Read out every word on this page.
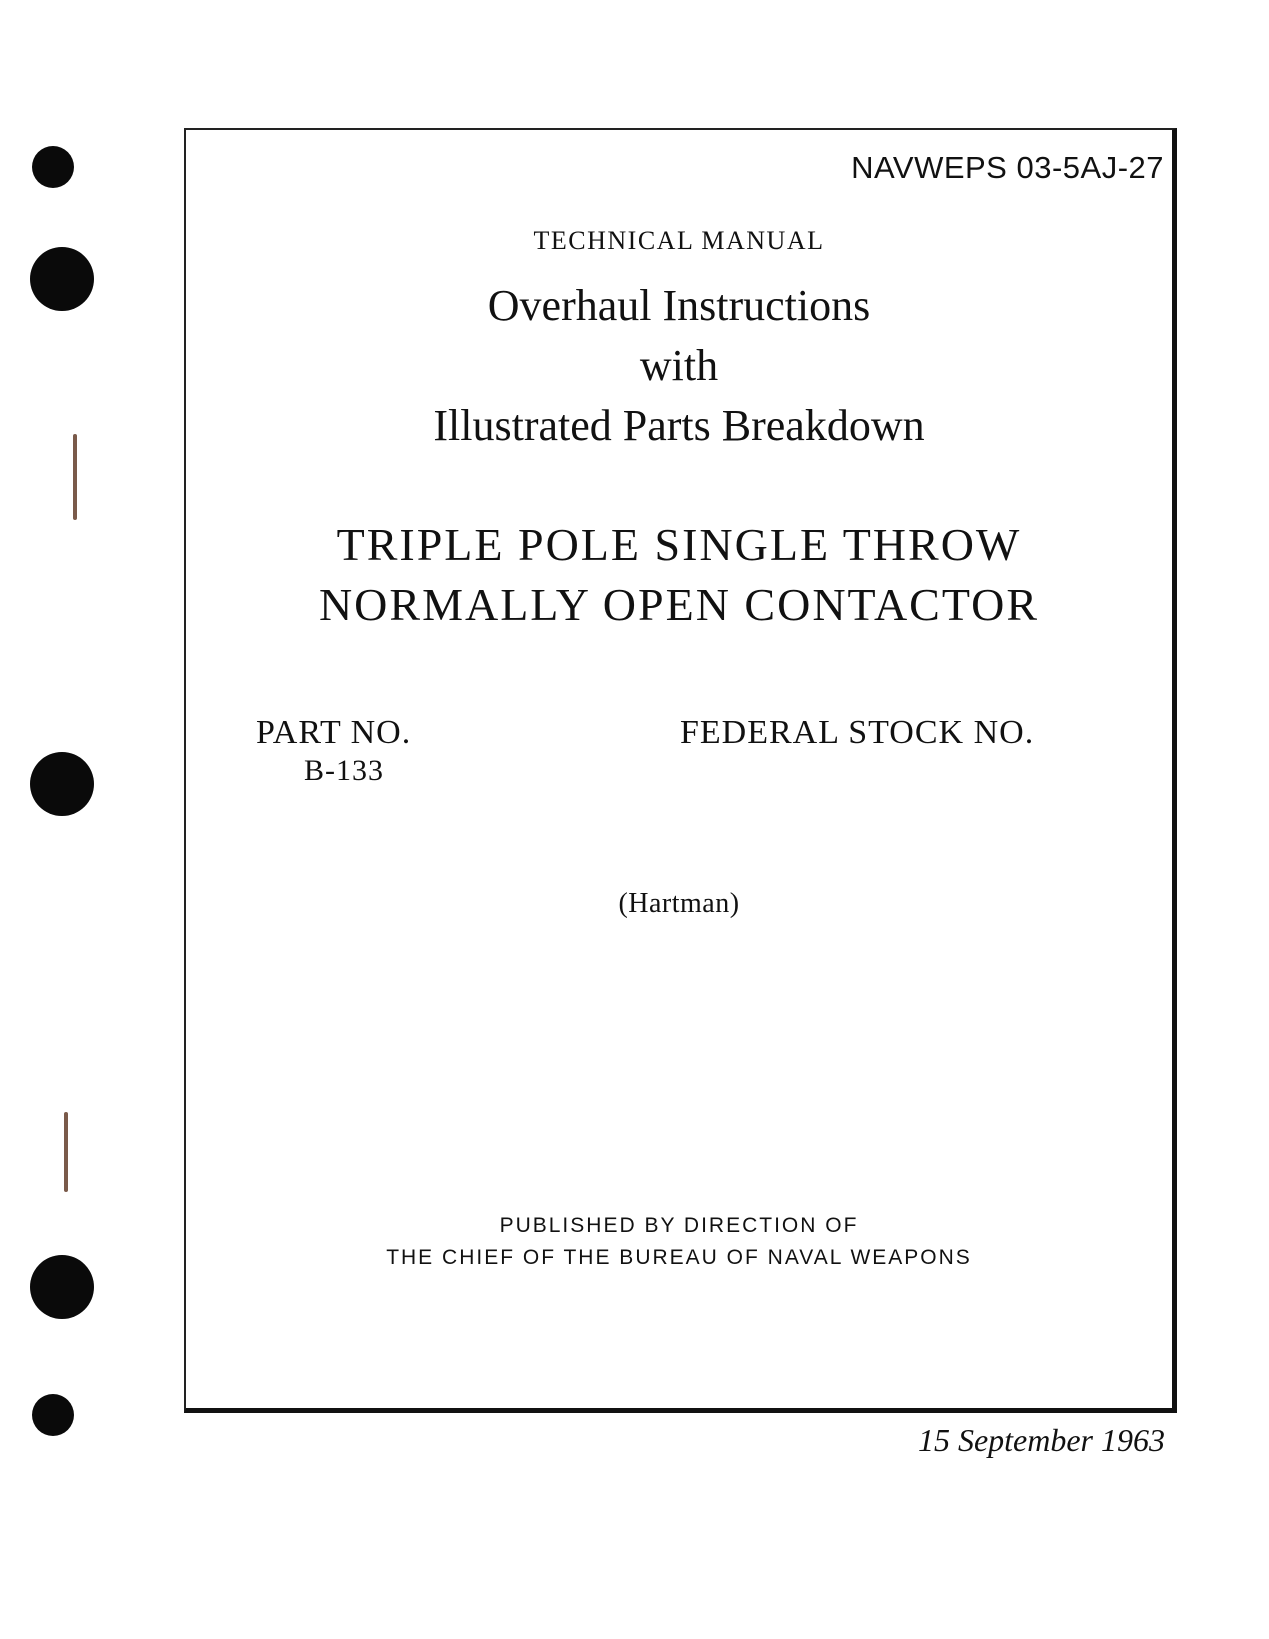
NAVWEPS 03-5AJ-27
TECHNICAL MANUAL
Overhaul Instructions
with
Illustrated Parts Breakdown
TRIPLE POLE SINGLE THROW
NORMALLY OPEN CONTACTOR
PART NO.
B-133
FEDERAL STOCK NO.
(Hartman)
PUBLISHED BY DIRECTION OF
THE CHIEF OF THE BUREAU OF NAVAL WEAPONS
15 September 1963
